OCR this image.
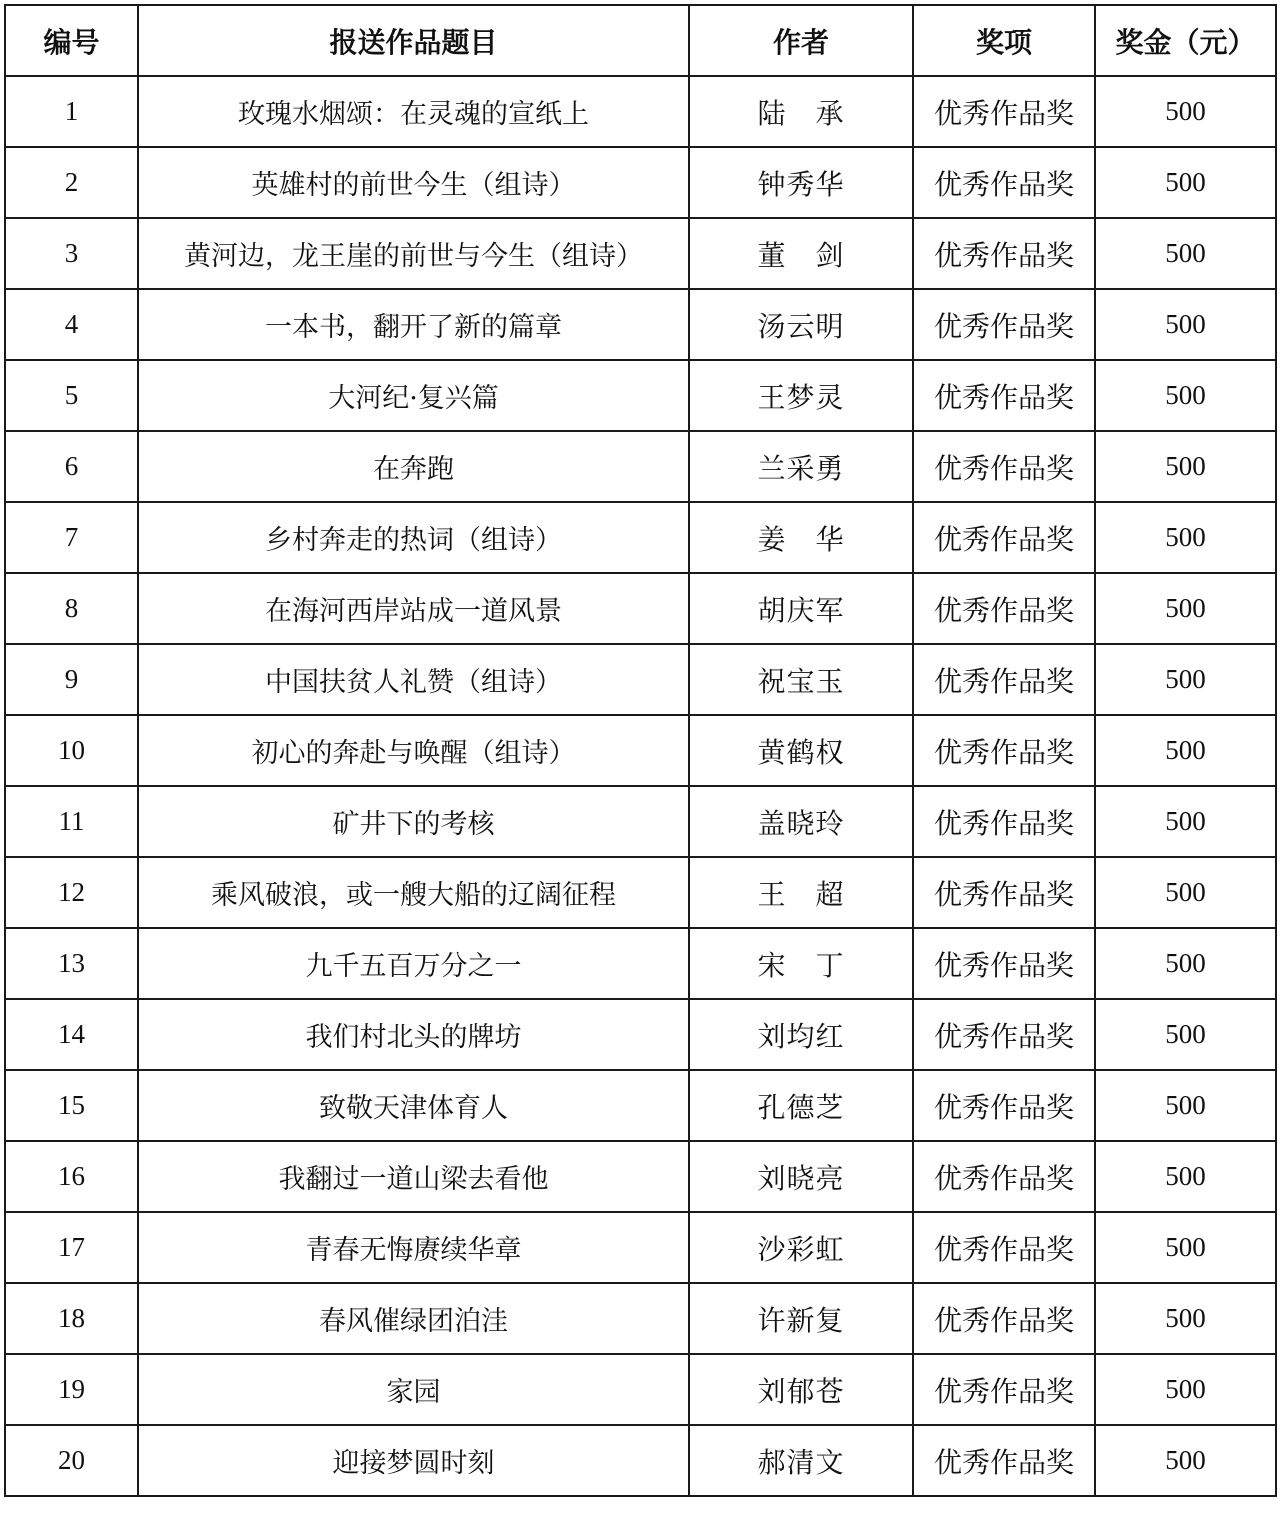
编号	报送作品题目	作者	奖项	奖金（元）
1	玫瑰水烟颂：在灵魂的宣纸上	陆　承	优秀作品奖	500
2	英雄村的前世今生（组诗）	钟秀华	优秀作品奖	500
3	黄河边，龙王崖的前世与今生（组诗）	董　剑	优秀作品奖	500
4	一本书，翻开了新的篇章	汤云明	优秀作品奖	500
5	大河纪·复兴篇	王梦灵	优秀作品奖	500
6	在奔跑	兰采勇	优秀作品奖	500
7	乡村奔走的热词（组诗）	姜　华	优秀作品奖	500
8	在海河西岸站成一道风景	胡庆军	优秀作品奖	500
9	中国扶贫人礼赞（组诗）	祝宝玉	优秀作品奖	500
10	初心的奔赴与唤醒（组诗）	黄鹤权	优秀作品奖	500
11	矿井下的考核	盖晓玲	优秀作品奖	500
12	乘风破浪，或一艘大船的辽阔征程	王　超	优秀作品奖	500
13	九千五百万分之一	宋　丁	优秀作品奖	500
14	我们村北头的牌坊	刘均红	优秀作品奖	500
15	致敬天津体育人	孔德芝	优秀作品奖	500
16	我翻过一道山梁去看他	刘晓亮	优秀作品奖	500
17	青春无悔赓续华章	沙彩虹	优秀作品奖	500
18	春风催绿团泊洼	许新复	优秀作品奖	500
19	家园	刘郁苍	优秀作品奖	500
20	迎接梦圆时刻	郝清文	优秀作品奖	500
